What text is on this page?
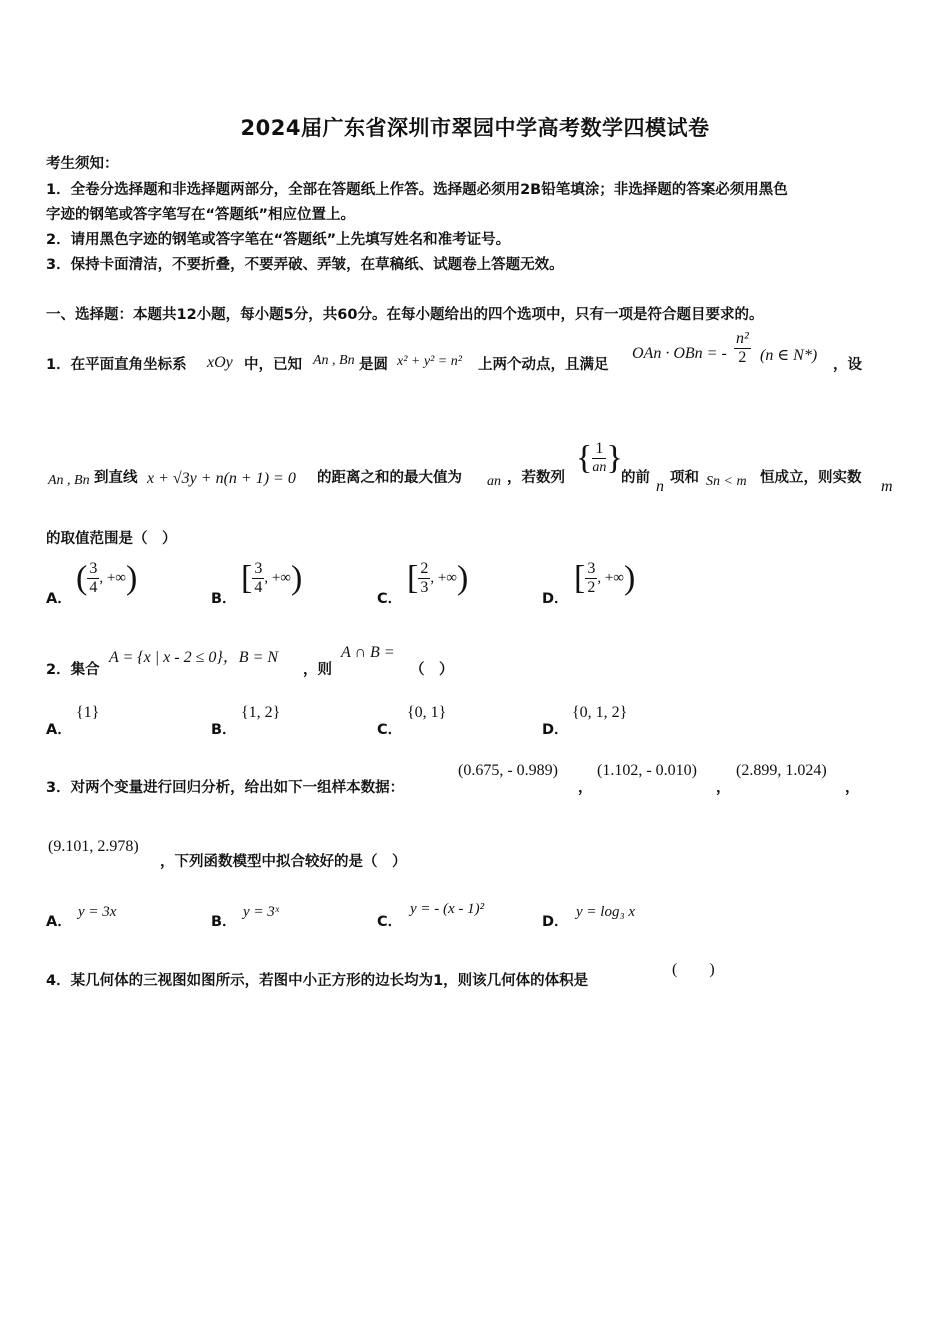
2024届广东省深圳市翠园中学高考数学四模试卷
考生须知：
1．全卷分选择题和非选择题两部分，全部在答题纸上作答。选择题必须用2B铅笔填涂；非选择题的答案必须用黑色
字迹的钢笔或答字笔写在“答题纸”相应位置上。
2．请用黑色字迹的钢笔或答字笔在“答题纸”上先填写姓名和准考证号。
3．保持卡面清洁，不要折叠，不要弄破、弄皱，在草稿纸、试题卷上答题无效。
一、选择题：本题共12小题，每小题5分，共60分。在每小题给出的四个选项中，只有一项是符合题目要求的。
1．在平面直角坐标系 xOy 中，已知 An , Bn 是圆 x² + y² = n² 上两个动点，且满足
OAn · OBn = - $\frac{\text{n²}}{2} (n$ ∈ N*)
，设
An , Bn 到直线 x + √3y + n(n + 1) = 0 的距离之和的最大值为 an ，若数列
{ $\frac{1}{an}$ }
的前 n 项和 Sn < m 恒成立，则实数 m
的取值范围是（　）
A．
( $\frac{3}{4}$ , +∞)
B．
[ $\frac{3}{4}$ , +∞)
C．
[ $\frac{2}{3}$ , +∞)
D．
[ $\frac{3}{2}$ , +∞)
2．集合
A = {x | x - 2 ≤ 0}，B = N
，则
A ∩ B =
（　）
A．
{1}
B．
{1, 2}
C．
{0, 1}
D．
{0, 1, 2}
3．对两个变量进行回归分析，给出如下一组样本数据：
(0.675, - 0.989)
，
(1.102, - 0.010)
，
(2.899, 1.024)
，
(9.101, 2.978)
，下列函数模型中拟合较好的是（　）
A．
y = 3x
B．
y = 3ˣ
C．
y = - (x - 1)²
D．
y = log₃ x
4．某几何体的三视图如图所示，若图中小正方形的边长均为1，则该几何体的体积是
(　　)
